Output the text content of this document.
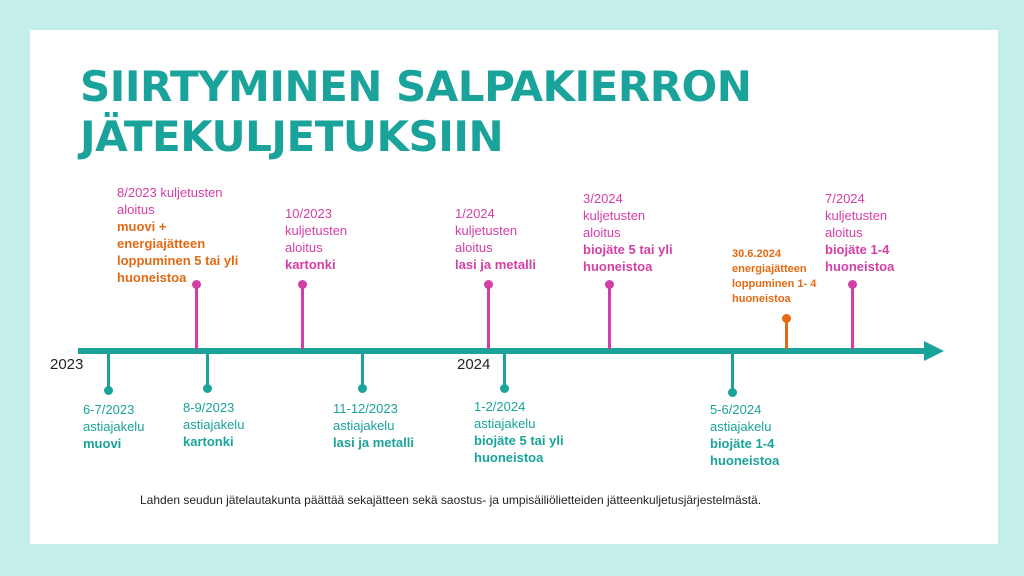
SIIRTYMINEN SALPAKIERRON
JÄTEKULJETUKSIIN
2023	2024
8/2023 kuljetusten
aloitus
muovi +
energiajätteen
loppuminen 5 tai yli
huoneistoa
10/2023
kuljetusten
aloitus
kartonki
1/2024
kuljetusten
aloitus
lasi ja metalli
3/2024
kuljetusten
aloitus
biojäte 5 tai yli
huoneistoa
30.6.2024
energiajätteen
loppuminen 1- 4
huoneistoa
7/2024
kuljetusten
aloitus
biojäte 1-4
huoneistoa
6-7/2023
astiajakelu
muovi
8-9/2023
astiajakelu
kartonki
11-12/2023
astiajakelu
lasi ja metalli
1-2/2024
astiajakelu
biojäte 5 tai yli
huoneistoa
5-6/2024
astiajakelu
biojäte 1-4
huoneistoa
Lahden seudun jätelautakunta päättää sekajätteen sekä saostus- ja umpisäiliölietteiden jätteenkuljetusjärjestelmästä.
